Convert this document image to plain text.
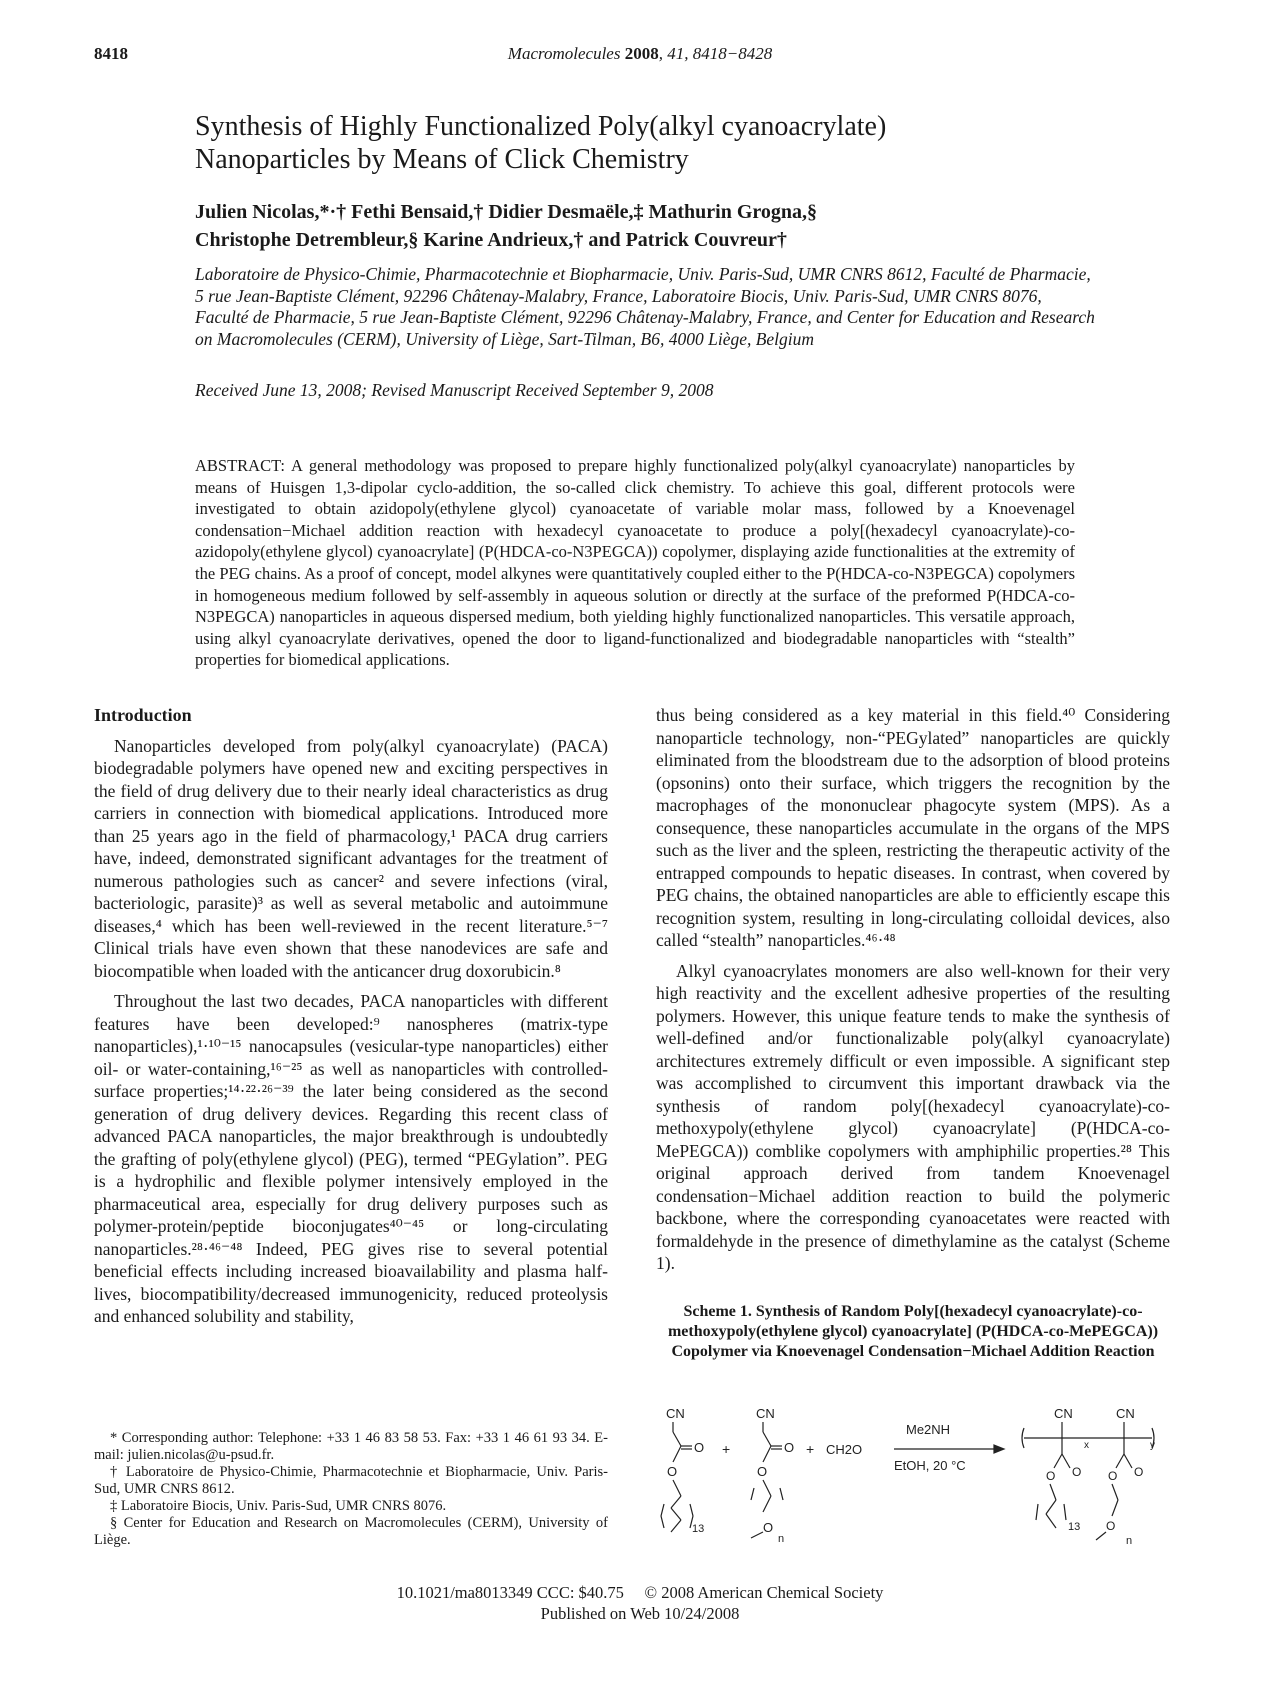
8418	Macromolecules 2008, 41, 8418−8428
Synthesis of Highly Functionalized Poly(alkyl cyanoacrylate)
Nanoparticles by Means of Click Chemistry
Julien Nicolas,*·† Fethi Bensaid,† Didier Desmaële,‡ Mathurin Grogna,§
Christophe Detrembleur,§ Karine Andrieux,† and Patrick Couvreur†
Laboratoire de Physico-Chimie, Pharmacotechnie et Biopharmacie, Univ. Paris-Sud, UMR CNRS 8612, Faculté de Pharmacie, 5 rue Jean-Baptiste Clément, 92296 Châtenay-Malabry, France, Laboratoire Biocis, Univ. Paris-Sud, UMR CNRS 8076, Faculté de Pharmacie, 5 rue Jean-Baptiste Clément, 92296 Châtenay-Malabry, France, and Center for Education and Research on Macromolecules (CERM), University of Liège, Sart-Tilman, B6, 4000 Liège, Belgium
Received June 13, 2008; Revised Manuscript Received September 9, 2008
ABSTRACT: A general methodology was proposed to prepare highly functionalized poly(alkyl cyanoacrylate) nanoparticles by means of Huisgen 1,3-dipolar cyclo-addition, the so-called click chemistry. To achieve this goal, different protocols were investigated to obtain azidopoly(ethylene glycol) cyanoacetate of variable molar mass, followed by a Knoevenagel condensation−Michael addition reaction with hexadecyl cyanoacetate to produce a poly[(hexadecyl cyanoacrylate)-co-azidopoly(ethylene glycol) cyanoacrylate] (P(HDCA-co-N3PEGCA)) copolymer, displaying azide functionalities at the extremity of the PEG chains. As a proof of concept, model alkynes were quantitatively coupled either to the P(HDCA-co-N3PEGCA) copolymers in homogeneous medium followed by self-assembly in aqueous solution or directly at the surface of the preformed P(HDCA-co-N3PEGCA) nanoparticles in aqueous dispersed medium, both yielding highly functionalized nanoparticles. This versatile approach, using alkyl cyanoacrylate derivatives, opened the door to ligand-functionalized and biodegradable nanoparticles with “stealth” properties for biomedical applications.

Introduction

Nanoparticles developed from poly(alkyl cyanoacrylate) (PACA) biodegradable polymers have opened new and exciting perspectives in the field of drug delivery due to their nearly ideal characteristics as drug carriers in connection with biomedical applications. Introduced more than 25 years ago in the field of pharmacology,¹ PACA drug carriers have, indeed, demonstrated significant advantages for the treatment of numerous pathologies such as cancer² and severe infections (viral, bacteriologic, parasite)³ as well as several metabolic and autoimmune diseases,⁴ which has been well-reviewed in the recent literature.⁵⁻⁷ Clinical trials have even shown that these nanodevices are safe and biocompatible when loaded with the anticancer drug doxorubicin.⁸

Throughout the last two decades, PACA nanoparticles with different features have been developed:⁹ nanospheres (matrix-type nanoparticles),¹·¹⁰⁻¹⁵ nanocapsules (vesicular-type nanoparticles) either oil- or water-containing,¹⁶⁻²⁵ as well as nanoparticles with controlled-surface properties;¹⁴·²²·²⁶⁻³⁹ the later being considered as the second generation of drug delivery devices. Regarding this recent class of advanced PACA nanoparticles, the major breakthrough is undoubtedly the grafting of poly(ethylene glycol) (PEG), termed “PEGylation”. PEG is a hydrophilic and flexible polymer intensively employed in the pharmaceutical area, especially for drug delivery purposes such as polymer-protein/peptide bioconjugates⁴⁰⁻⁴⁵ or long-circulating nanoparticles.²⁸·⁴⁶⁻⁴⁸ Indeed, PEG gives rise to several potential beneficial effects including increased bioavailability and plasma half-lives, biocompatibility/decreased immunogenicity, reduced proteolysis and enhanced solubility and stability,

thus being considered as a key material in this field.⁴⁰ Considering nanoparticle technology, non-“PEGylated” nanoparticles are quickly eliminated from the bloodstream due to the adsorption of blood proteins (opsonins) onto their surface, which triggers the recognition by the macrophages of the mononuclear phagocyte system (MPS). As a consequence, these nanoparticles accumulate in the organs of the MPS such as the liver and the spleen, restricting the therapeutic activity of the entrapped compounds to hepatic diseases. In contrast, when covered by PEG chains, the obtained nanoparticles are able to efficiently escape this recognition system, resulting in long-circulating colloidal devices, also called “stealth” nanoparticles.⁴⁶·⁴⁸

Alkyl cyanoacrylates monomers are also well-known for their very high reactivity and the excellent adhesive properties of the resulting polymers. However, this unique feature tends to make the synthesis of well-defined and/or functionalizable poly(alkyl cyanoacrylate) architectures extremely difficult or even impossible. A significant step was accomplished to circumvent this important drawback via the synthesis of random poly[(hexadecyl cyanoacrylate)-co-methoxypoly(ethylene glycol) cyanoacrylate] (P(HDCA-co-MePEGCA)) comblike copolymers with amphiphilic properties.²⁸ This original approach derived from tandem Knoevenagel condensation−Michael addition reaction to build the polymeric backbone, where the corresponding cyanoacetates were reacted with formaldehyde in the presence of dimethylamine as the catalyst (Scheme 1).

Scheme 1. Synthesis of Random Poly[(hexadecyl cyanoacrylate)-co-methoxypoly(ethylene glycol) cyanoacrylate] (P(HDCA-co-MePEGCA)) Copolymer via Knoevenagel Condensation−Michael Addition Reaction
CN
O
O
13
+
CN
O
O
O
n
+ CH2O
Me2NH
EtOH, 20 °C
CN	CN
x	y
O
O	O
O
13 O
n

* Corresponding author: Telephone: +33 1 46 83 58 53. Fax: +33 1 46 61 93 34. E-mail: julien.nicolas@u-psud.fr.

† Laboratoire de Physico-Chimie, Pharmacotechnie et Biopharmacie, Univ. Paris-Sud, UMR CNRS 8612.

‡ Laboratoire Biocis, Univ. Paris-Sud, UMR CNRS 8076.

§ Center for Education and Research on Macromolecules (CERM), University of Liège.

10.1021/ma8013349 CCC: $40.75     © 2008 American Chemical Society
Published on Web 10/24/2008
